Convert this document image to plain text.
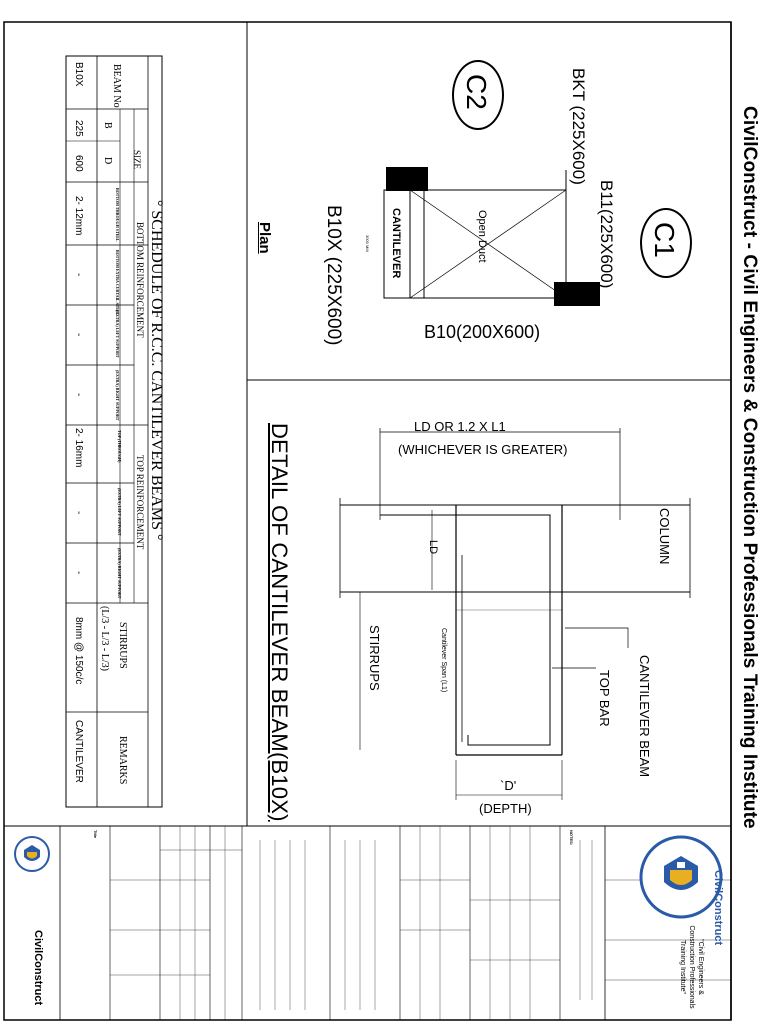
CivilConstruct - Civil Engineers & Construction Professionals Training Institute
C1
C2	BKT (225X600)
B11(225X600)
Open Duct
CANTILEVER
3000 MM
B10X (225X600)
Plan
B10(200X600)
DETAIL OF CANTILEVER BEAM(B10X)	LD OR 1.2 X L1
(WHICHEVER IS GREATER)
COLUMN
CANTILEVER BEAM
TOP BAR
LD
Cantilever Span (L1)
STIRRUPS
`D'
(DEPTH)
° SCHEDULE OF R.C.C. CANTILEVER BEAMS °
BEAM No
SIZE
B
D
BOTTOM REINFORCEMENT
TOP REINFORCEMENT
BOTTOM THROUGH STEEL
BOTTOM EXTRA CURTAIL STEEL
(EXTRA) LEFT SUPPORT
(EXTRA) RIGHT SUPPORT
TOP (THROUGH)
(EXTRA) LEFT SUPPORT
(EXTRA) RIGHT SUPPORT
STIRRUPS
(L/3 - L/3 - L/3)
REMARKS
B10X
225
600
2- 12mm
-
-
-
2- 16mm
-
-
8mm @ 150c/c
CANTILEVER
CivilConstruct
"Civil Engineers & Construction Professionals Training Institute"
CivilConstruct
NOTES:
Title
